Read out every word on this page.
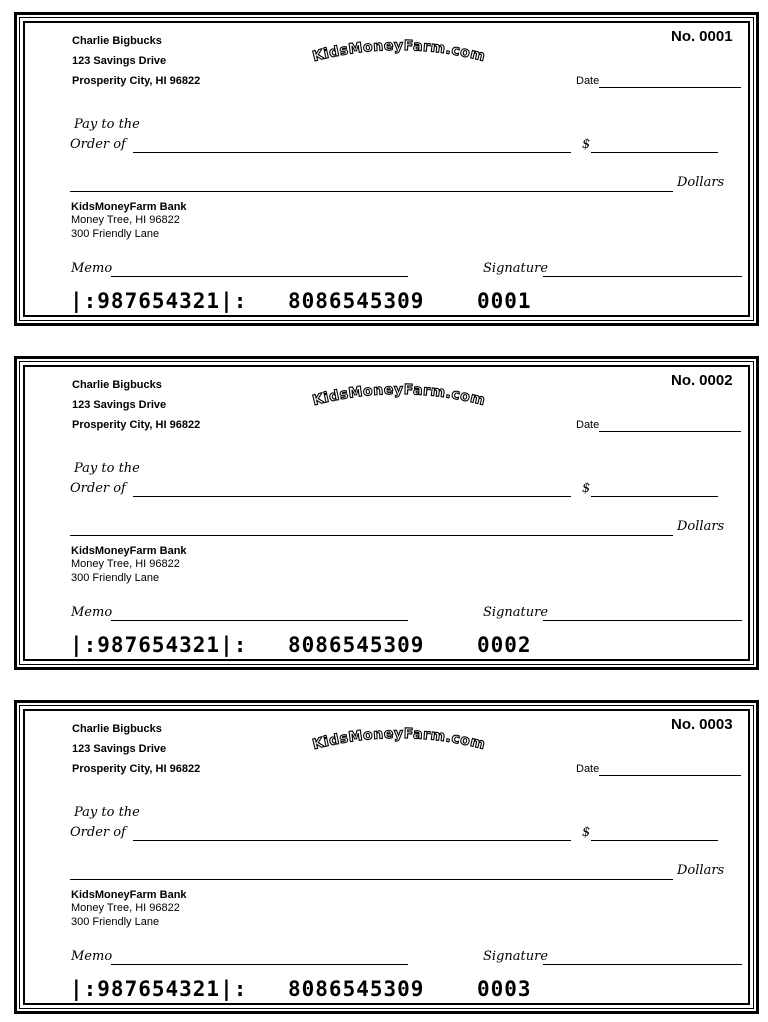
Charlie Bigbucks
123 Savings Drive
Prosperity City, HI 96822
KidsMoneyFarm.com
No. 0001
Date
Pay to the
Order of	$
Dollars
KidsMoneyFarm Bank
Money Tree, HI 96822
300 Friendly Lane
Memo	Signature
|:987654321|: 8086545309	0001
Charlie Bigbucks
123 Savings Drive
Prosperity City, HI 96822
KidsMoneyFarm.com
No. 0002
Date
Pay to the
Order of	$
Dollars
KidsMoneyFarm Bank
Money Tree, HI 96822
300 Friendly Lane
Memo	Signature
|:987654321|: 8086545309	0002
Charlie Bigbucks
123 Savings Drive
Prosperity City, HI 96822
KidsMoneyFarm.com
No. 0003
Date
Pay to the
Order of	$
Dollars
KidsMoneyFarm Bank
Money Tree, HI 96822
300 Friendly Lane
Memo	Signature
|:987654321|: 8086545309	0003
